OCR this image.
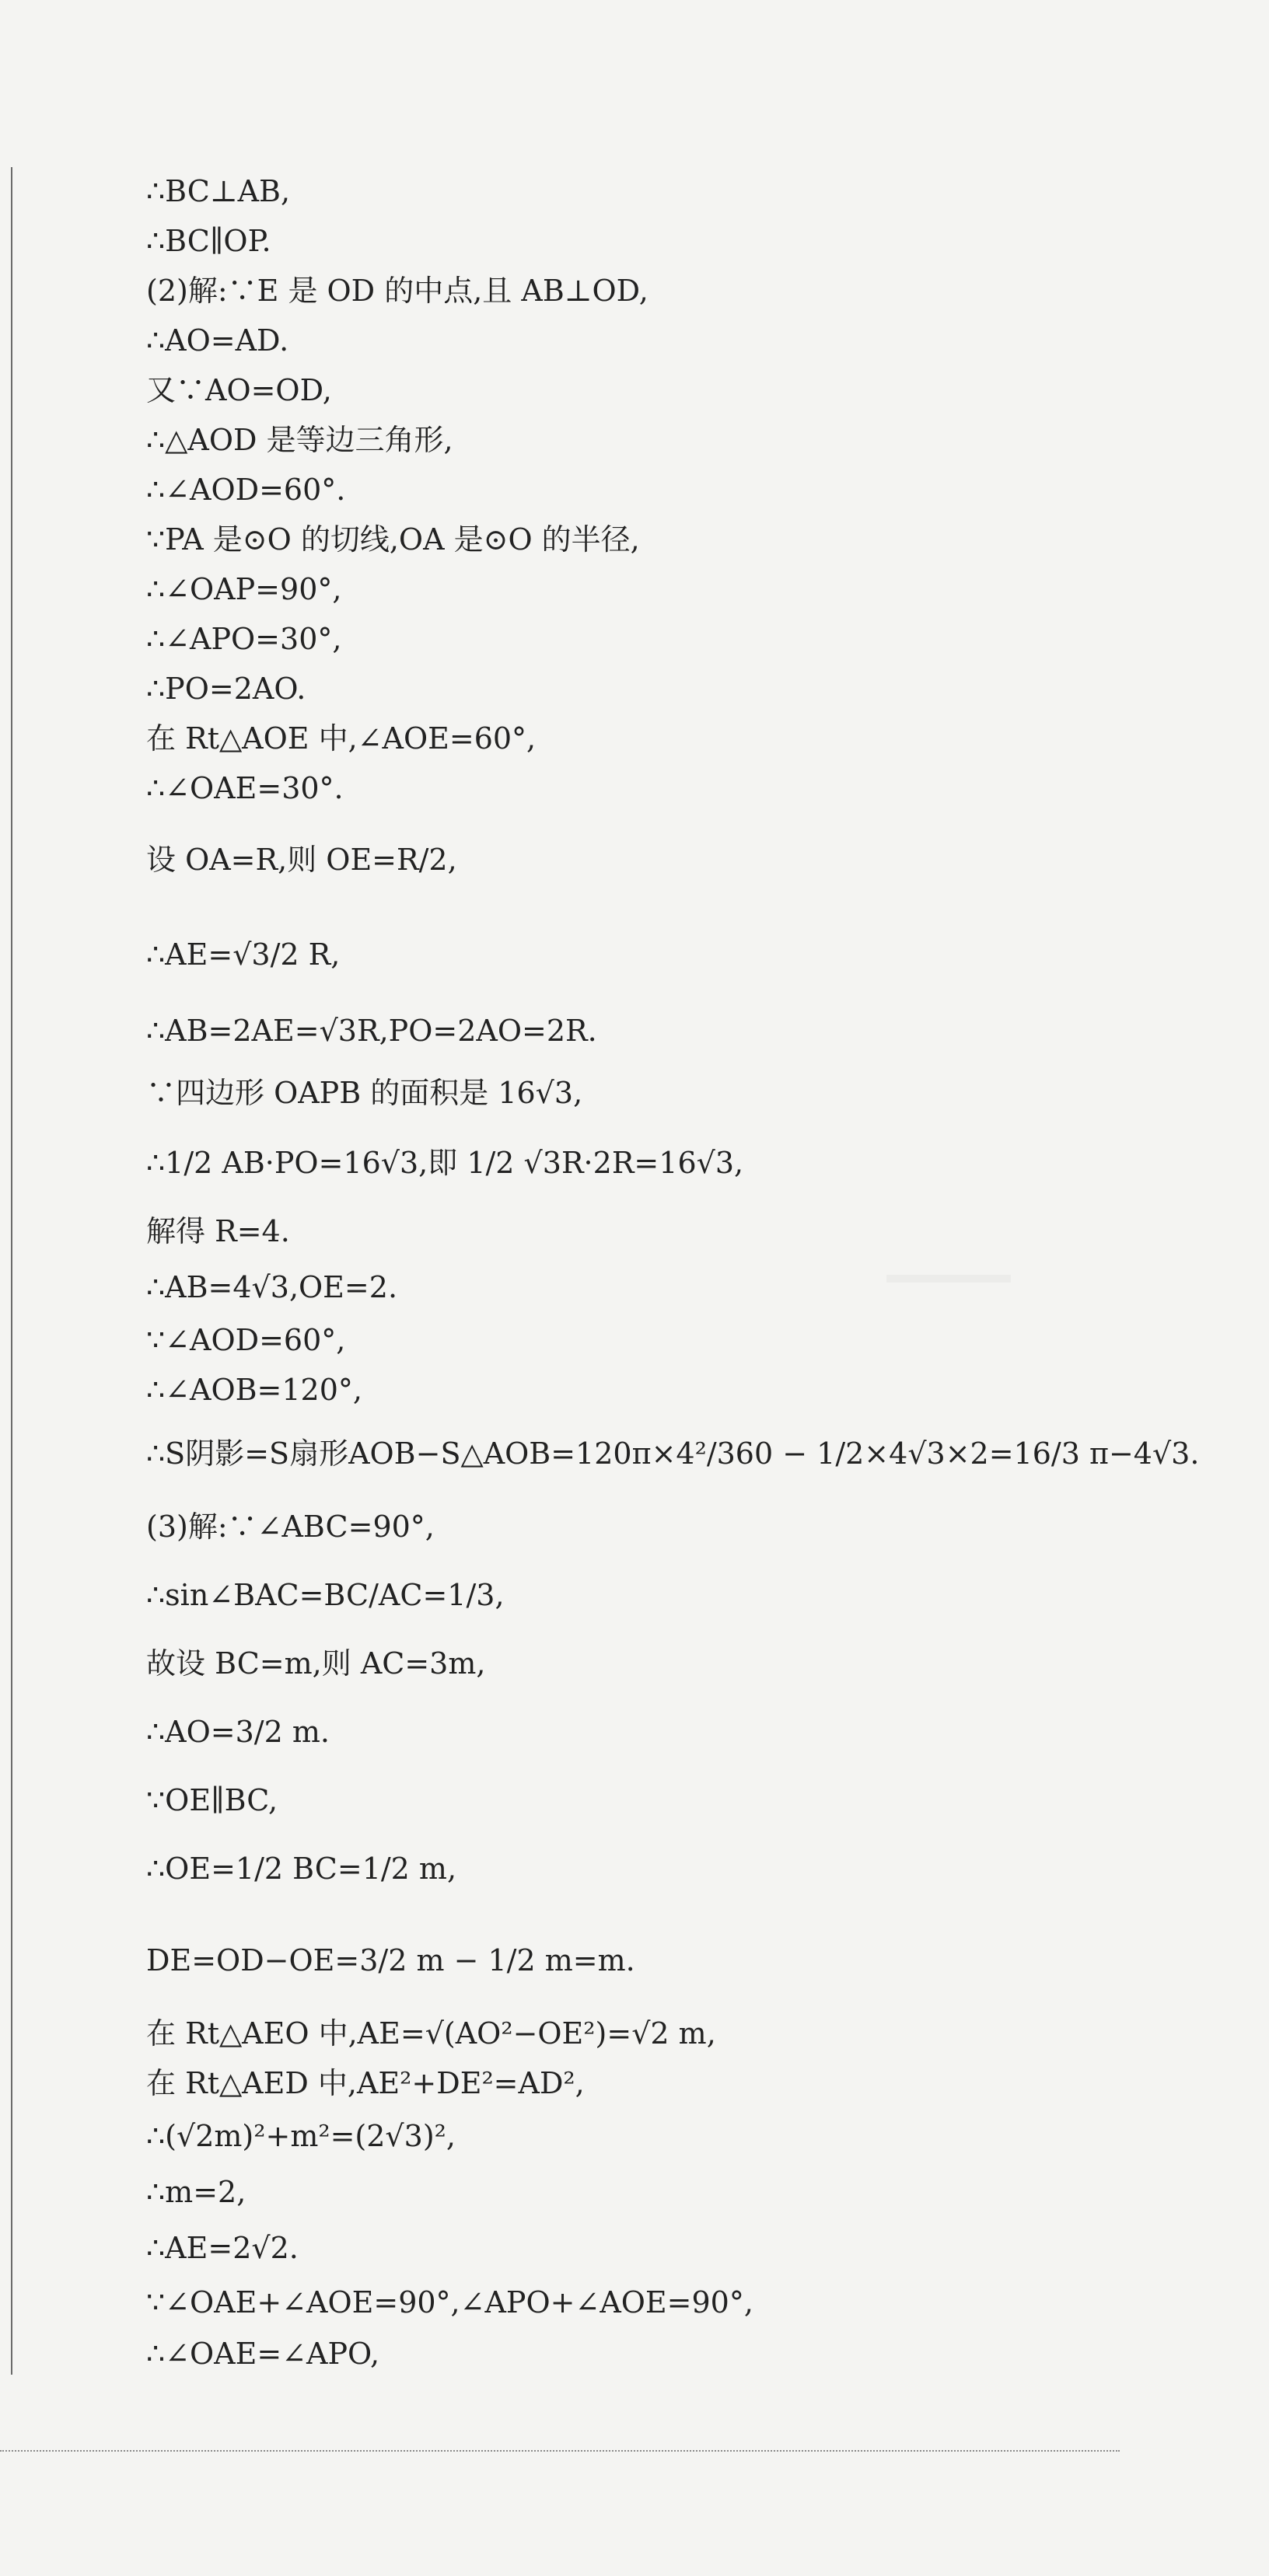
∴BC⊥AB,
∴BC∥OP.
(2)解:∵E 是 OD 的中点,且 AB⊥OD,
∴AO=AD.
又∵AO=OD,
∴△AOD 是等边三角形,
∴∠AOD=60°.
∵PA 是⊙O 的切线,OA 是⊙O 的半径,
∴∠OAP=90°,
∴∠APO=30°,
∴PO=2AO.
在 Rt△AOE 中,∠AOE=60°,
∴∠OAE=30°.
设 OA=R,则 OE=R/2,
∴AE=√3/2 R,
∴AB=2AE=√3R,PO=2AO=2R.
∵四边形 OAPB 的面积是 16√3,
∴1/2 AB·PO=16√3,即 1/2 √3R·2R=16√3,
解得 R=4.
∴AB=4√3,OE=2.
∵∠AOD=60°,
∴∠AOB=120°,
∴S阴影=S扇形AOB−S△AOB=120π×4²/360 − 1/2×4√3×2=16/3 π−4√3.
(3)解:∵∠ABC=90°,
∴sin∠BAC=BC/AC=1/3,
故设 BC=m,则 AC=3m,
∴AO=3/2 m.
∵OE∥BC,
∴OE=1/2 BC=1/2 m,
DE=OD−OE=3/2 m − 1/2 m=m.
在 Rt△AEO 中,AE=√(AO²−OE²)=√2 m,
在 Rt△AED 中,AE²+DE²=AD²,
∴(√2m)²+m²=(2√3)²,
∴m=2,
∴AE=2√2.
∵∠OAE+∠AOE=90°,∠APO+∠AOE=90°,
∴∠OAE=∠APO,
